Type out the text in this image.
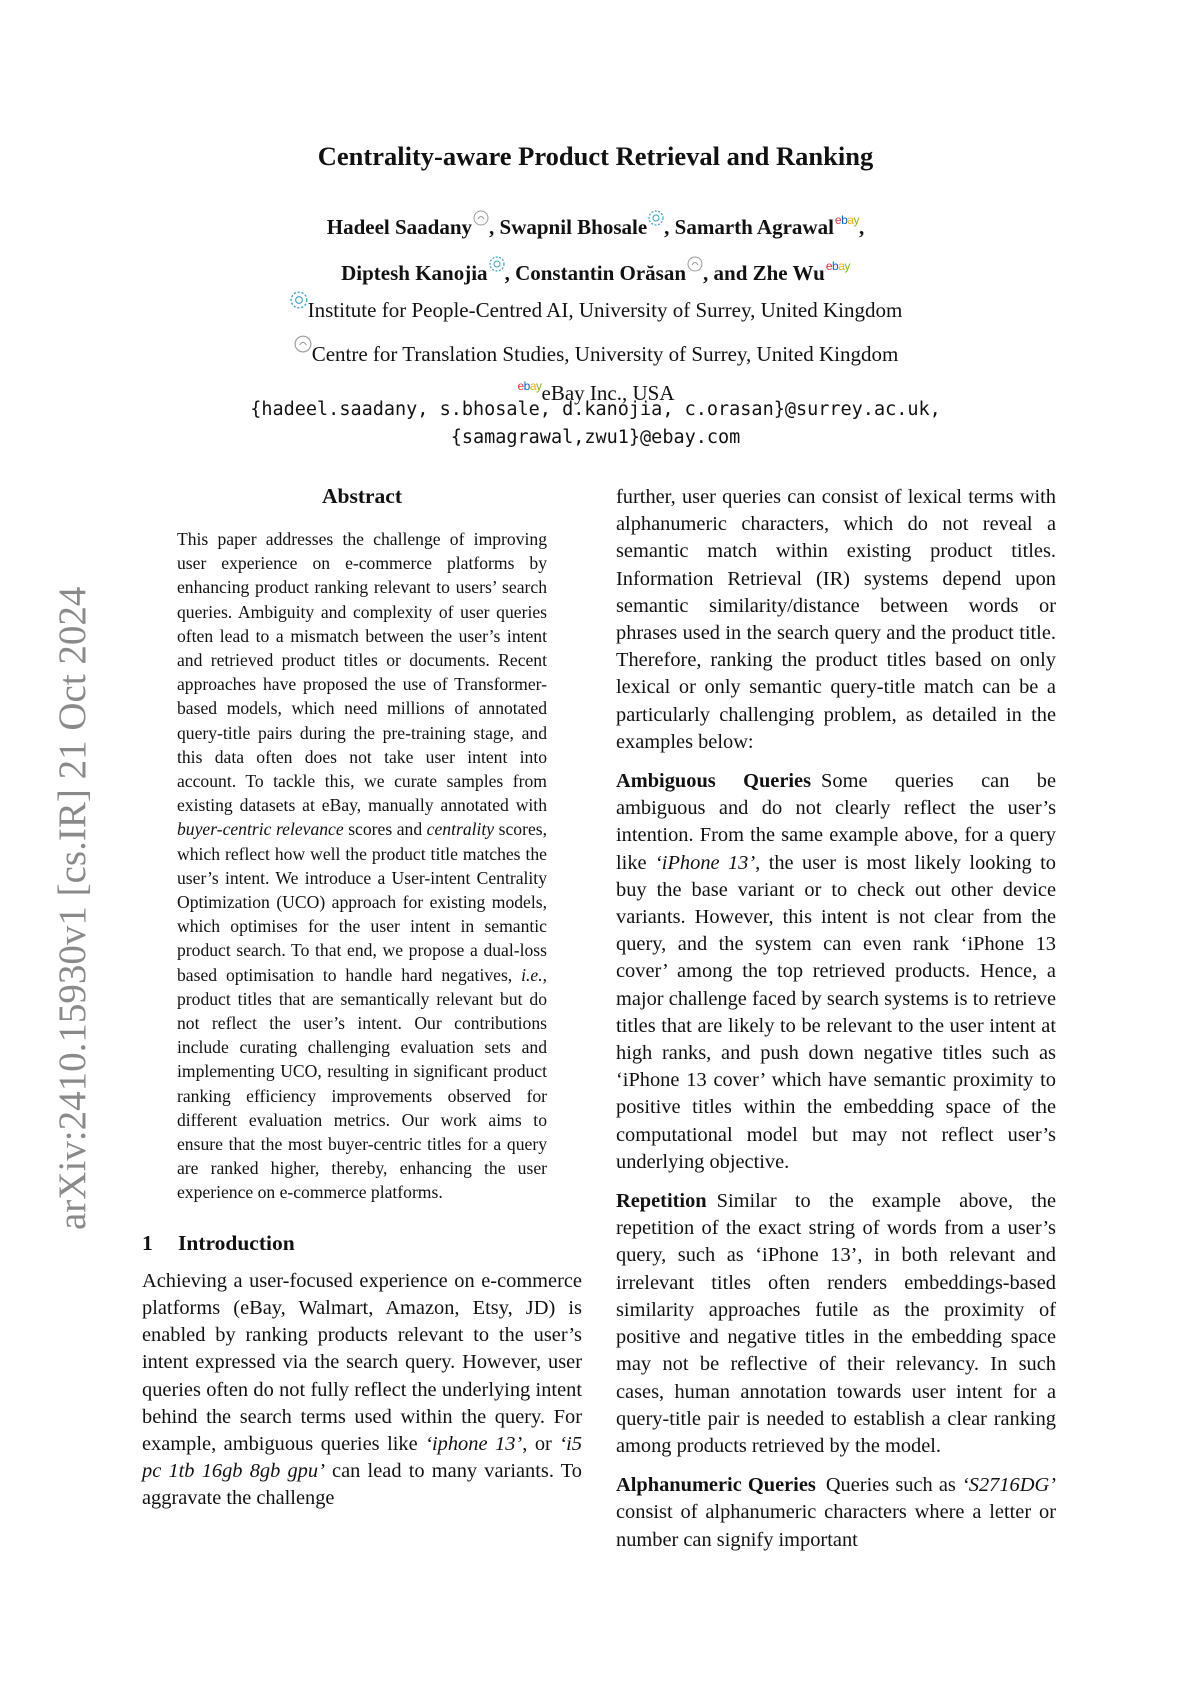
arXiv:2410.15930v1 [cs.IR] 21 Oct 2024
Centrality-aware Product Retrieval and Ranking
Hadeel Saadany , Swapnil Bhosale , Samarth Agrawalebay,
Diptesh Kanojia , Constantin Orăsan , and Zhe Wuebay
Institute for People-Centred AI, University of Surrey, United Kingdom
Centre for Translation Studies, University of Surrey, United Kingdom
ebayeBay Inc., USA
{hadeel.saadany, s.bhosale, d.kanojia, c.orasan}@surrey.ac.uk,
{samagrawal,zwu1}@ebay.com
Abstract

This paper addresses the challenge of improving user experience on e-commerce platforms by enhancing product ranking relevant to users’ search queries. Ambiguity and complexity of user queries often lead to a mismatch between the user’s intent and retrieved product titles or documents. Recent approaches have proposed the use of Transformer-based models, which need millions of annotated query-title pairs during the pre-training stage, and this data often does not take user intent into account. To tackle this, we curate samples from existing datasets at eBay, manually annotated with buyer-centric relevance scores and centrality scores, which reflect how well the product title matches the user’s intent. We introduce a User-intent Centrality Optimization (UCO) approach for existing models, which optimises for the user intent in semantic product search. To that end, we propose a dual-loss based optimisation to handle hard negatives, i.e., product titles that are semantically relevant but do not reflect the user’s intent. Our contributions include curating challenging evaluation sets and implementing UCO, resulting in significant product ranking efficiency improvements observed for different evaluation metrics. Our work aims to ensure that the most buyer-centric titles for a query are ranked higher, thereby, enhancing the user experience on e-commerce platforms.

1 Introduction

Achieving a user-focused experience on e-commerce platforms (eBay, Walmart, Amazon, Etsy, JD) is enabled by ranking products relevant to the user’s intent expressed via the search query. However, user queries often do not fully reflect the underlying intent behind the search terms used within the query. For example, ambiguous queries like ‘iphone 13’, or ‘i5 pc 1tb 16gb 8gb gpu’ can lead to many variants. To aggravate the challenge

further, user queries can consist of lexical terms with alphanumeric characters, which do not reveal a semantic match within existing product titles. Information Retrieval (IR) systems depend upon semantic similarity/distance between words or phrases used in the search query and the product title. Therefore, ranking the product titles based on only lexical or only semantic query-title match can be a particularly challenging problem, as detailed in the examples below:

Ambiguous Queries Some queries can be ambiguous and do not clearly reflect the user’s intention. From the same example above, for a query like ‘iPhone 13’, the user is most likely looking to buy the base variant or to check out other device variants. However, this intent is not clear from the query, and the system can even rank ‘iPhone 13 cover’ among the top retrieved products. Hence, a major challenge faced by search systems is to retrieve titles that are likely to be relevant to the user intent at high ranks, and push down negative titles such as ‘iPhone 13 cover’ which have semantic proximity to positive titles within the embedding space of the computational model but may not reflect user’s underlying objective.

Repetition Similar to the example above, the repetition of the exact string of words from a user’s query, such as ‘iPhone 13’, in both relevant and irrelevant titles often renders embeddings-based similarity approaches futile as the proximity of positive and negative titles in the embedding space may not be reflective of their relevancy. In such cases, human annotation towards user intent for a query-title pair is needed to establish a clear ranking among products retrieved by the model.

Alphanumeric Queries Queries such as ‘S2716DG’ consist of alphanumeric characters where a letter or number can signify important
